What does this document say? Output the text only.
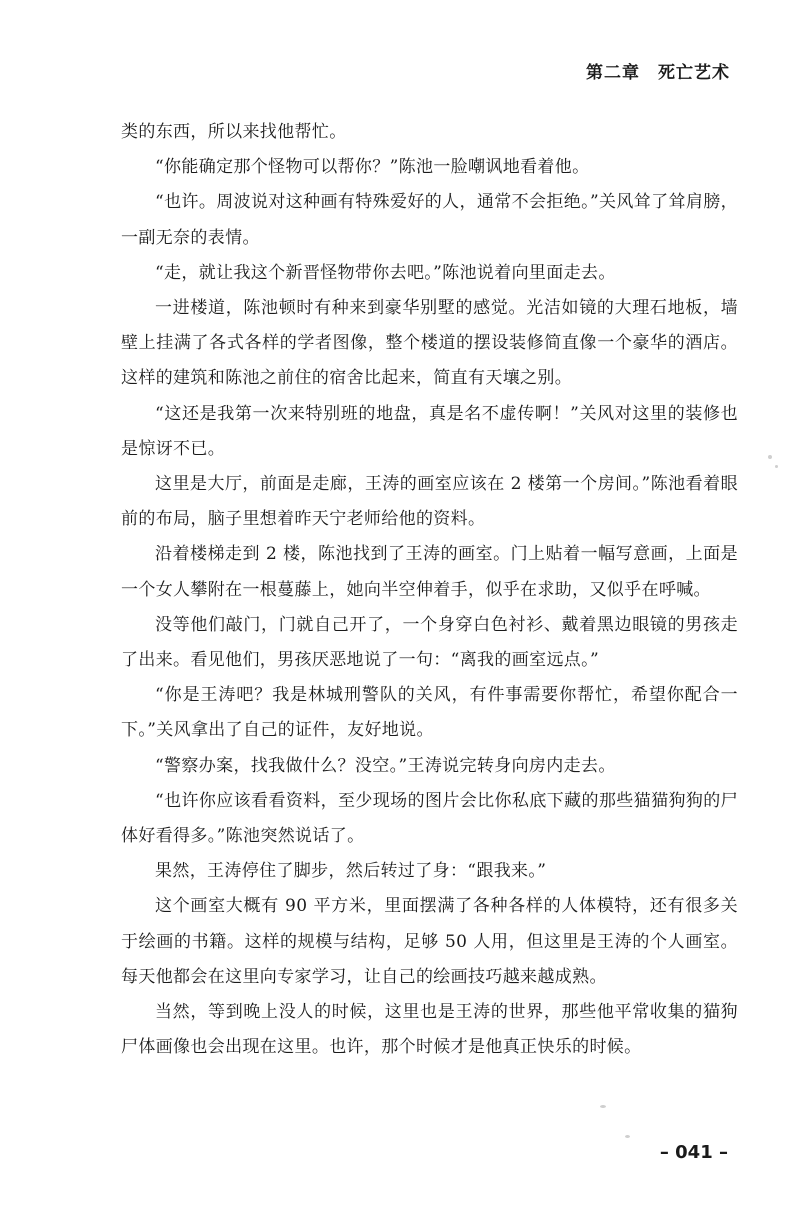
第二章　死亡艺术

类的东西，所以来找他帮忙。

“你能确定那个怪物可以帮你？”陈池一脸嘲讽地看着他。

“也许。周波说对这种画有特殊爱好的人，通常不会拒绝。”关风耸了耸肩膀，一副无奈的表情。

“走，就让我这个新晋怪物带你去吧。”陈池说着向里面走去。

一进楼道，陈池顿时有种来到豪华别墅的感觉。光洁如镜的大理石地板，墙壁上挂满了各式各样的学者图像，整个楼道的摆设装修简直像一个豪华的酒店。这样的建筑和陈池之前住的宿舍比起来，简直有天壤之别。

“这还是我第一次来特别班的地盘，真是名不虚传啊！”关风对这里的装修也是惊讶不已。

这里是大厅，前面是走廊，王涛的画室应该在 2 楼第一个房间。”陈池看着眼前的布局，脑子里想着昨天宁老师给他的资料。

沿着楼梯走到 2 楼，陈池找到了王涛的画室。门上贴着一幅写意画，上面是一个女人攀附在一根蔓藤上，她向半空伸着手，似乎在求助，又似乎在呼喊。

没等他们敲门，门就自己开了，一个身穿白色衬衫、戴着黑边眼镜的男孩走了出来。看见他们，男孩厌恶地说了一句：“离我的画室远点。”

“你是王涛吧？我是林城刑警队的关风，有件事需要你帮忙，希望你配合一下。”关风拿出了自己的证件，友好地说。

“警察办案，找我做什么？没空。”王涛说完转身向房内走去。

“也许你应该看看资料，至少现场的图片会比你私底下藏的那些猫猫狗狗的尸体好看得多。”陈池突然说话了。

果然，王涛停住了脚步，然后转过了身：“跟我来。”

这个画室大概有 90 平方米，里面摆满了各种各样的人体模特，还有很多关于绘画的书籍。这样的规模与结构，足够 50 人用，但这里是王涛的个人画室。每天他都会在这里向专家学习，让自己的绘画技巧越来越成熟。

当然，等到晚上没人的时候，这里也是王涛的世界，那些他平常收集的猫狗尸体画像也会出现在这里。也许，那个时候才是他真正快乐的时候。

– 041 –
